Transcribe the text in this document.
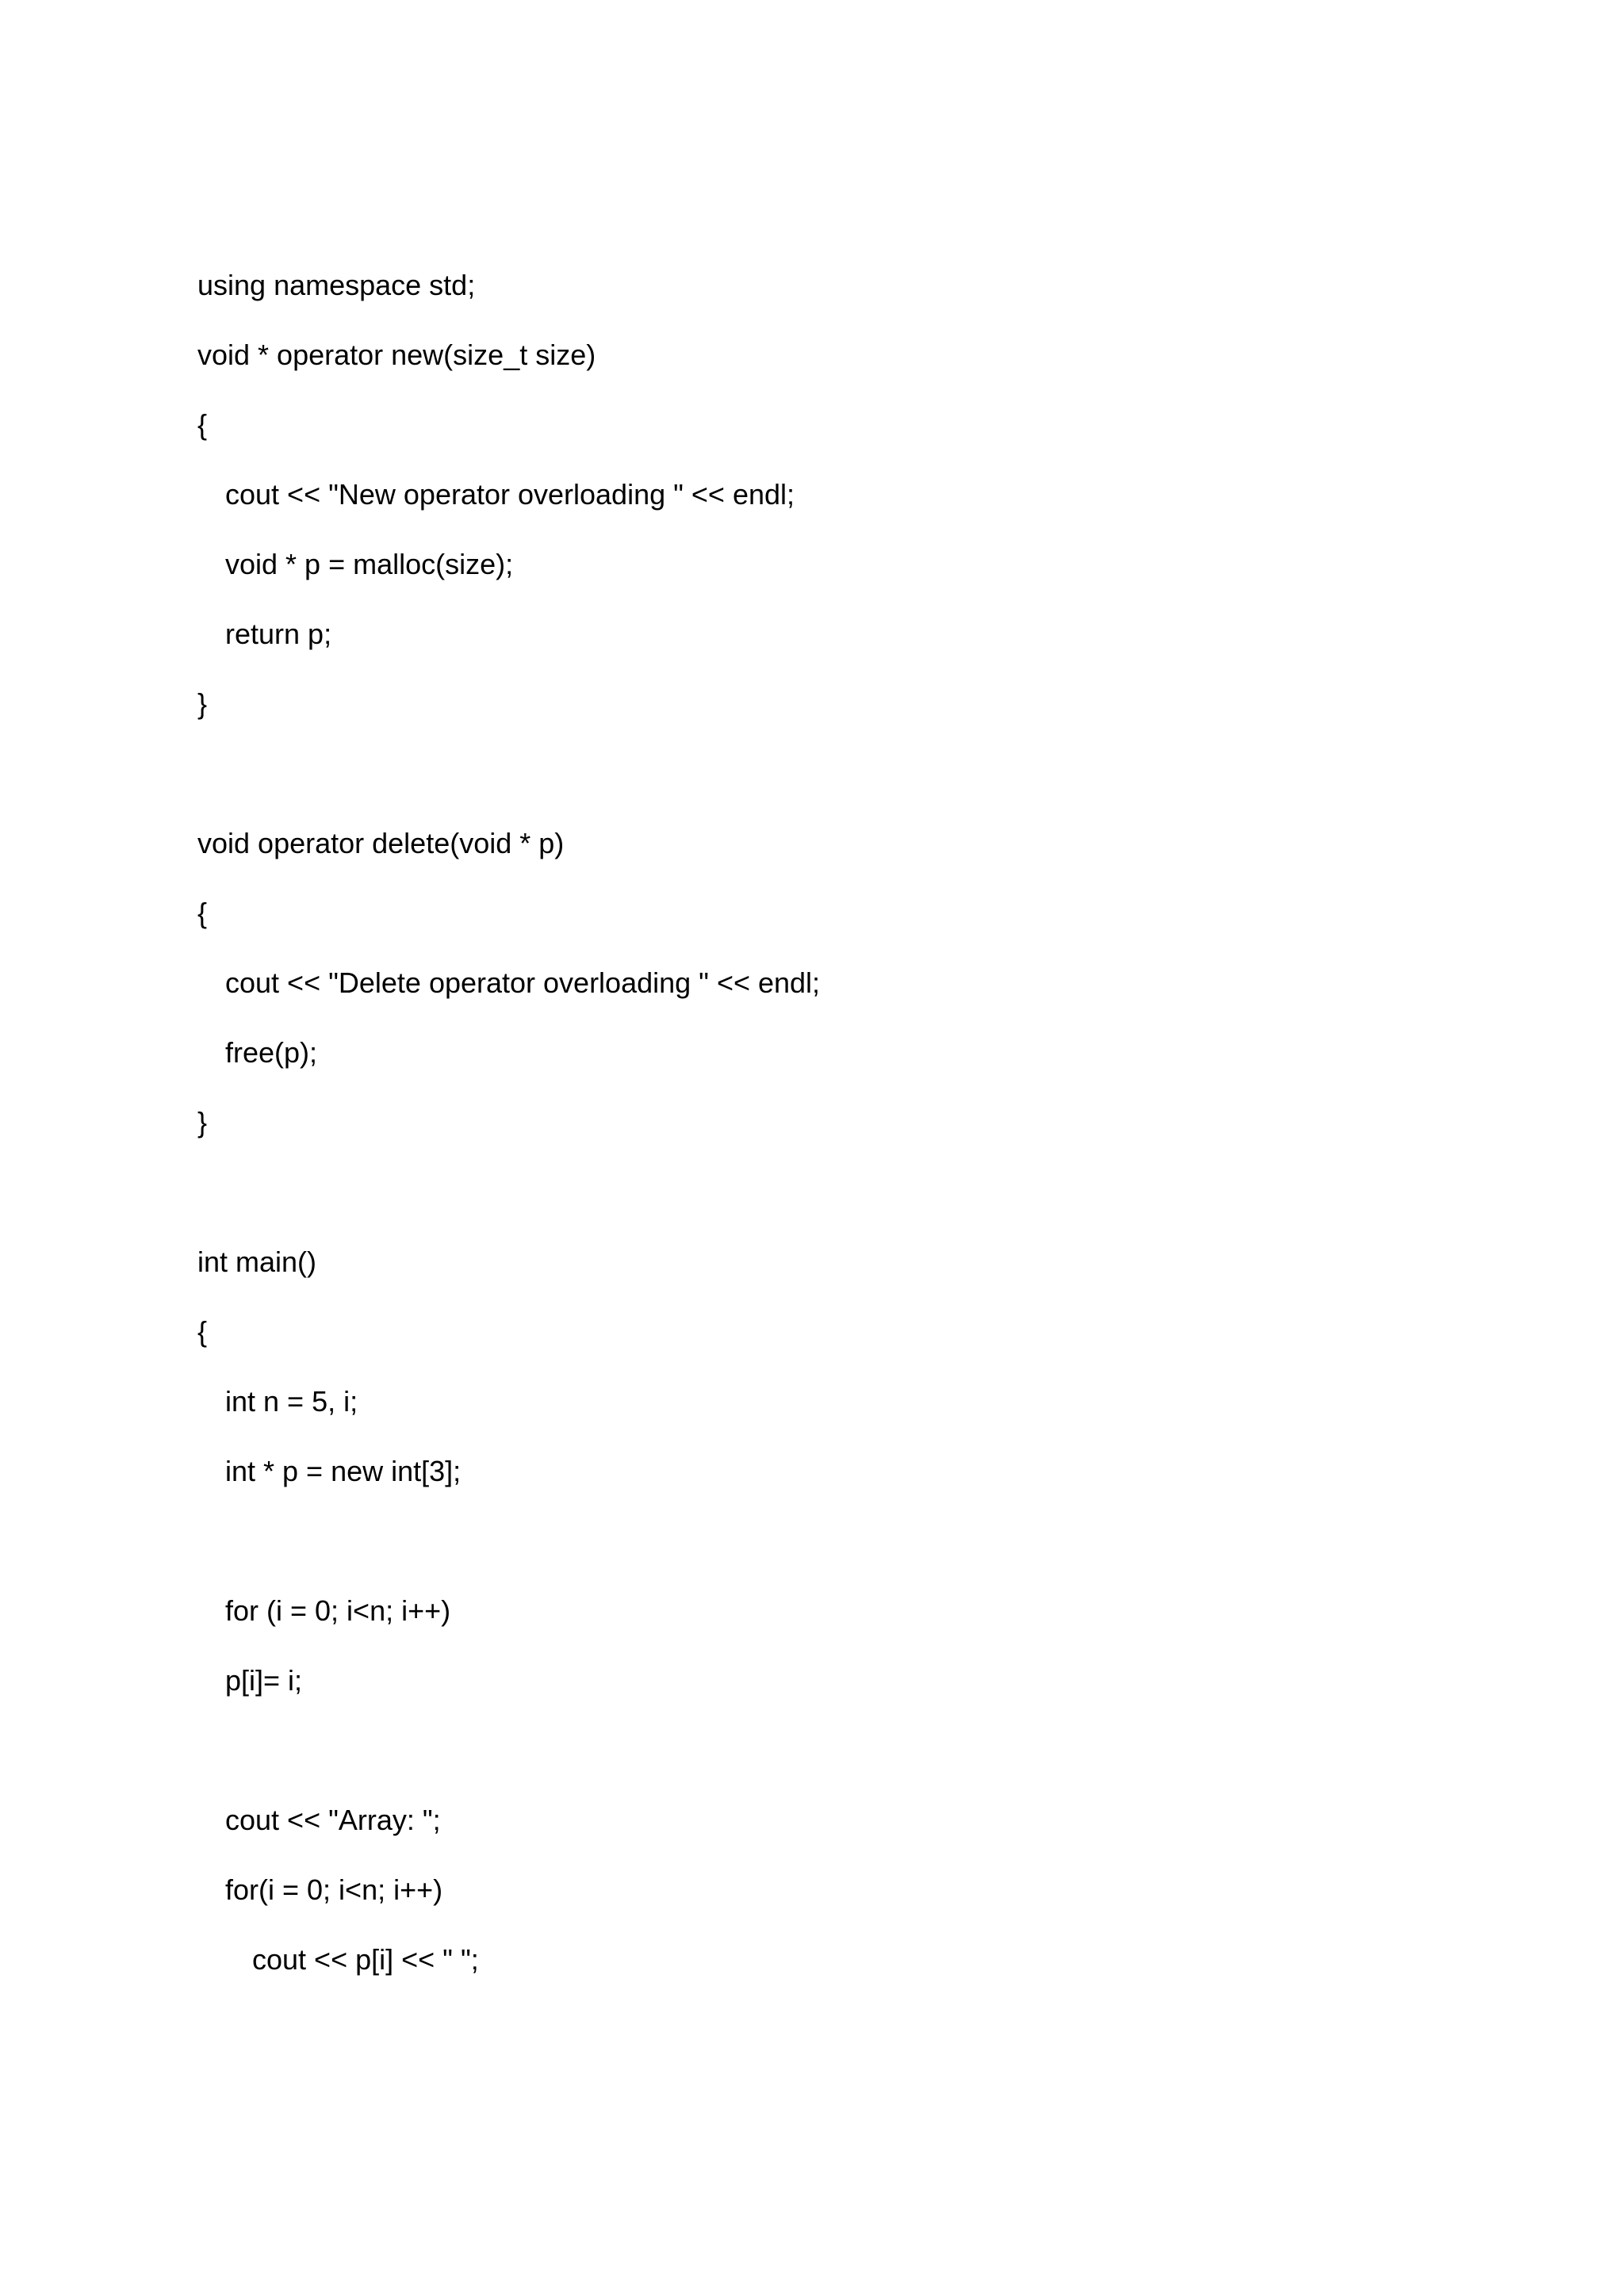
using namespace std;

void * operator new(size_t size)

{

cout << "New operator overloading " << endl;

void * p = malloc(size);

return p;

}

void operator delete(void * p)

{

cout << "Delete operator overloading " << endl;

free(p);

}

int main()

{

int n = 5, i;

int * p = new int[3];

for (i = 0; i<n; i++)

p[i]= i;

cout << "Array: ";

for(i = 0; i<n; i++)

cout << p[i] << " ";
